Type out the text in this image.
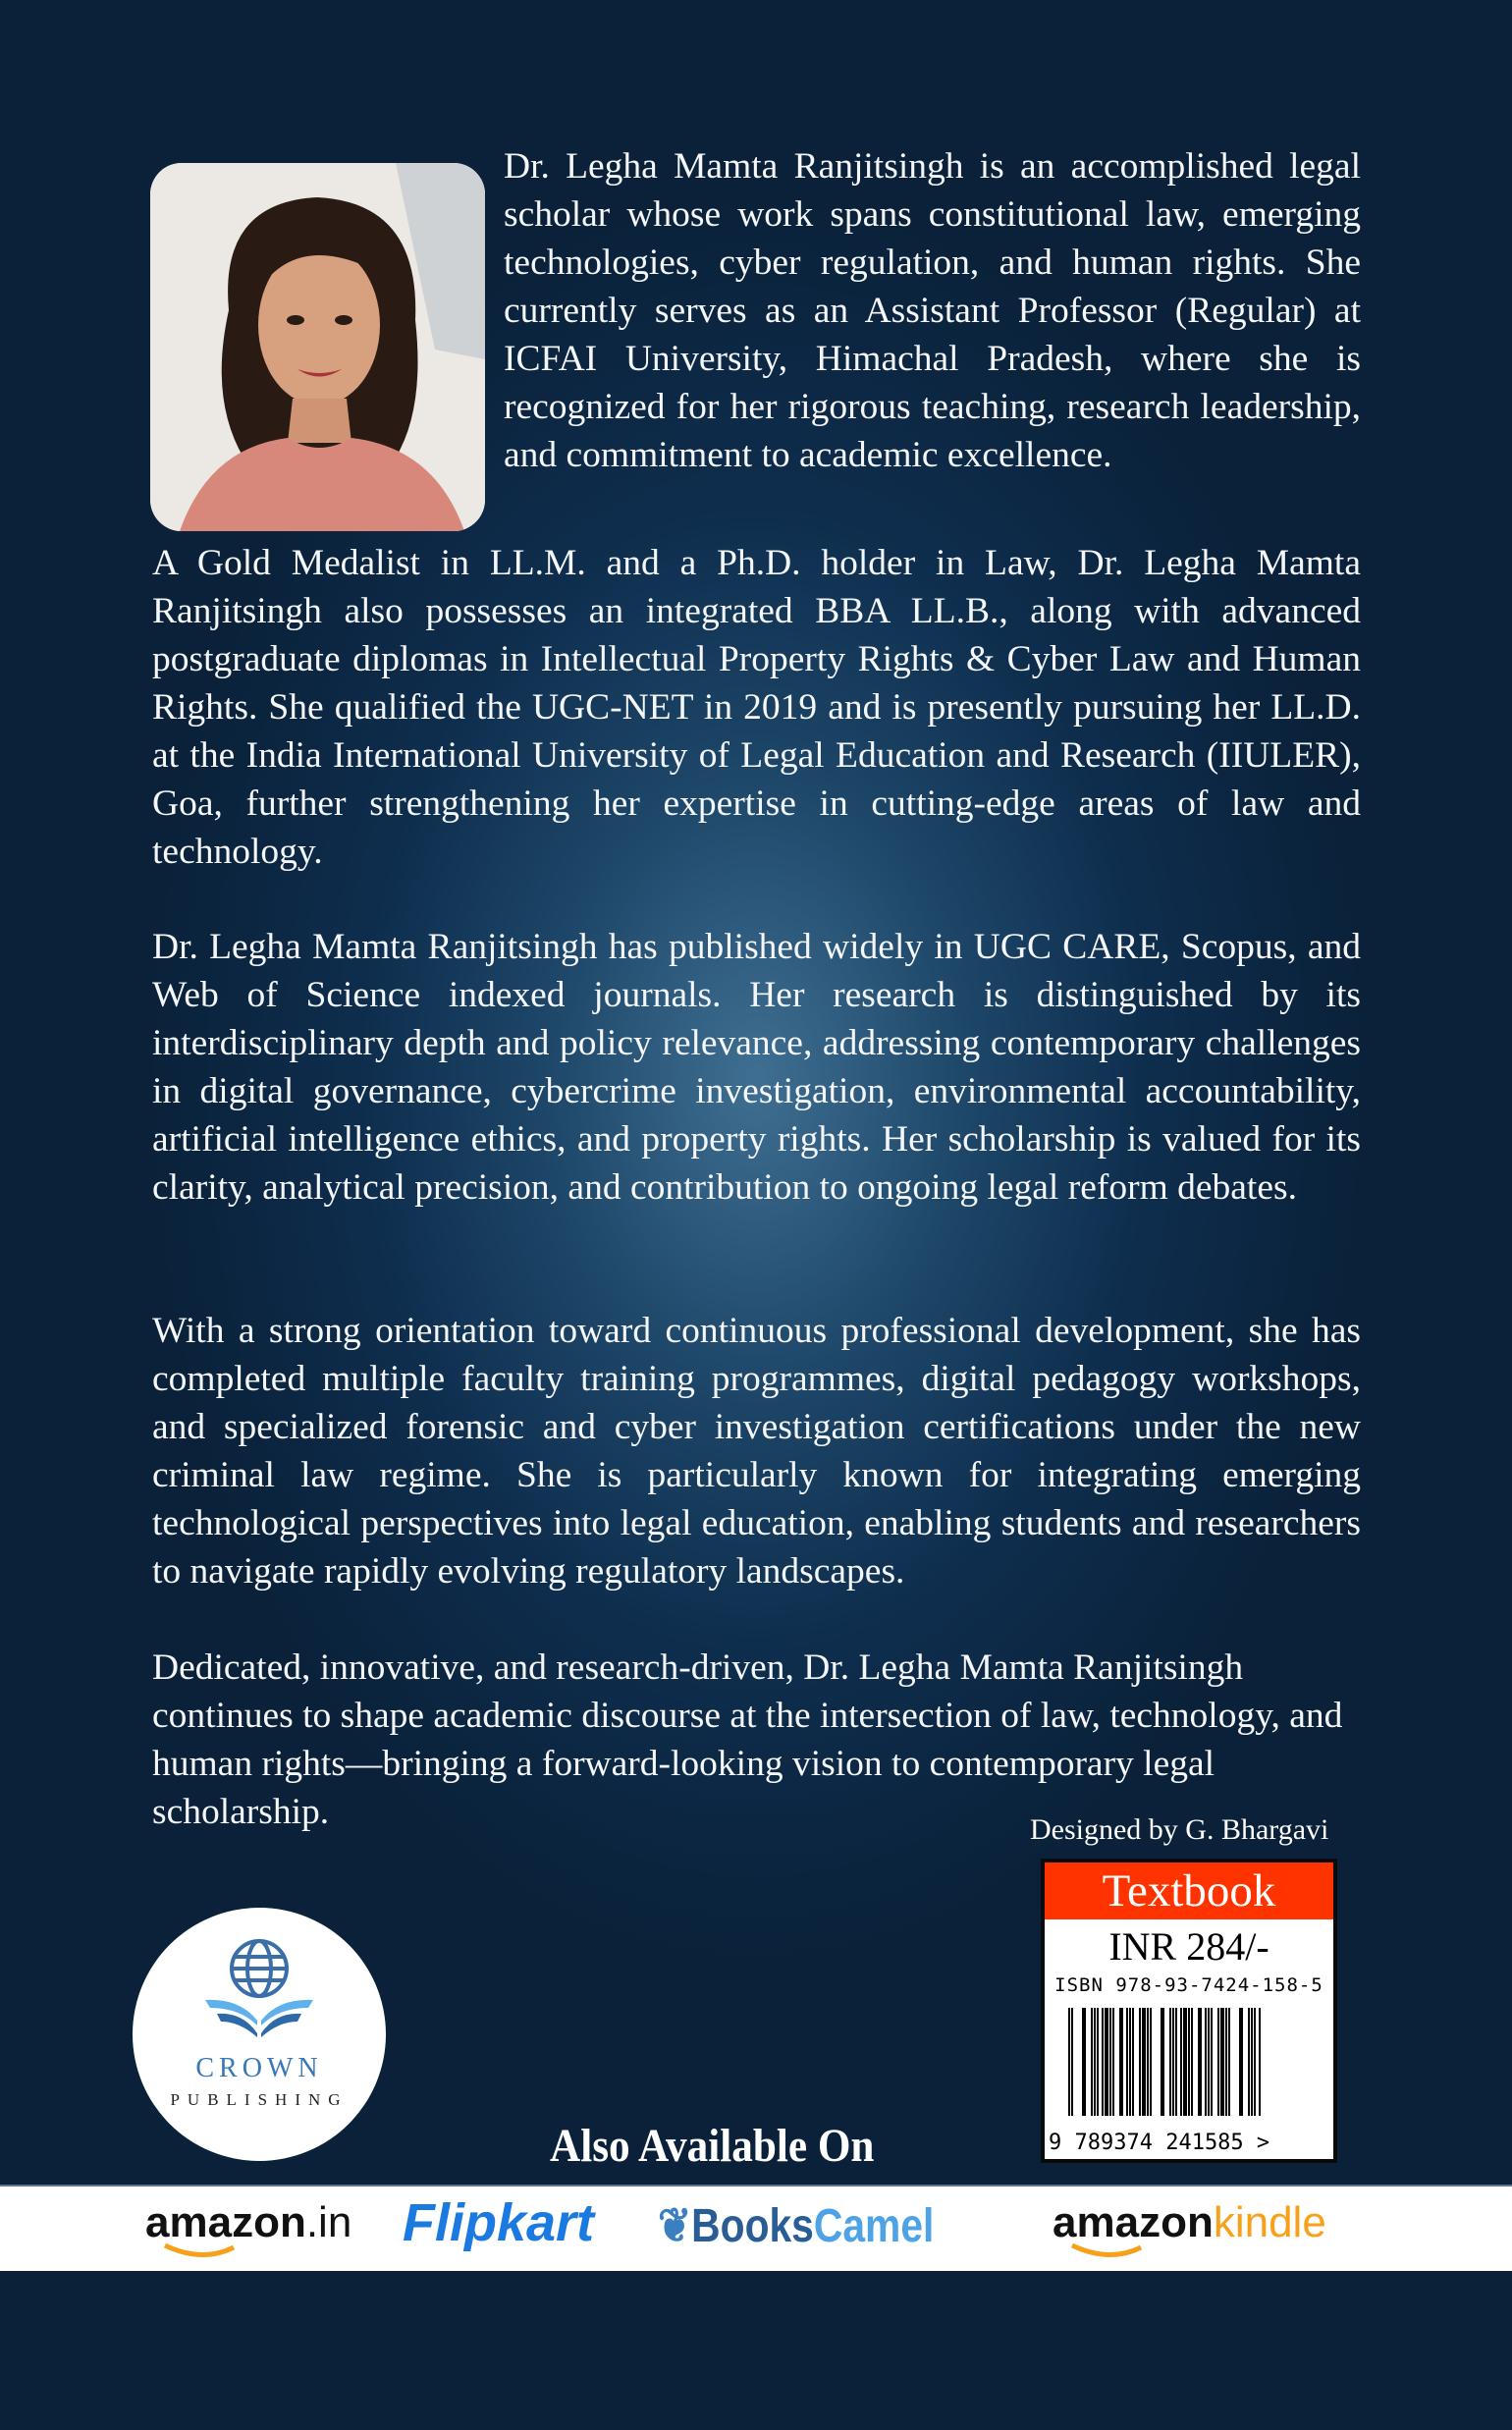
Dr. Legha Mamta Ranjitsingh is an accomplished legal scholar whose work spans constitutional law, emerging technologies, cyber regulation, and human rights. She currently serves as an Assistant Professor (Regular) at ICFAI University, Himachal Pradesh, where she is recognized for her rigorous teaching, research leadership, and commitment to academic excellence.

A Gold Medalist in LL.M. and a Ph.D. holder in Law, Dr. Legha Mamta Ranjitsingh also possesses an integrated BBA LL.B., along with advanced postgraduate diplomas in Intellectual Property Rights & Cyber Law and Human Rights. She qualified the UGC-NET in 2019 and is presently pursuing her LL.D. at the India International University of Legal Education and Research (IIULER), Goa, further strengthening her expertise in cutting-edge areas of law and technology.

Dr. Legha Mamta Ranjitsingh has published widely in UGC CARE, Scopus, and Web of Science indexed journals. Her research is distinguished by its interdisciplinary depth and policy relevance, addressing contemporary challenges in digital governance, cybercrime investigation, environmental accountability, artificial intelligence ethics, and property rights. Her scholarship is valued for its clarity, analytical precision, and contribution to ongoing legal reform debates.

With a strong orientation toward continuous professional development, she has completed multiple faculty training programmes, digital pedagogy workshops, and specialized forensic and cyber investigation certifications under the new criminal law regime. She is particularly known for integrating emerging technological perspectives into legal education, enabling students and researchers to navigate rapidly evolving regulatory landscapes.

Dedicated, innovative, and research-driven, Dr. Legha Mamta Ranjitsingh continues to shape academic discourse at the intersection of law, technology, and human rights—bringing a forward-looking vision to contemporary legal scholarship.	Designed by G. Bhargavi
Textbook
INR 284/-
ISBN 978-93-7424-158-5
9 789374 241585 >
CROWN
PUBLISHING
Also Available On
amazon.in Flipkart ❦BooksCamel	amazonkindle
